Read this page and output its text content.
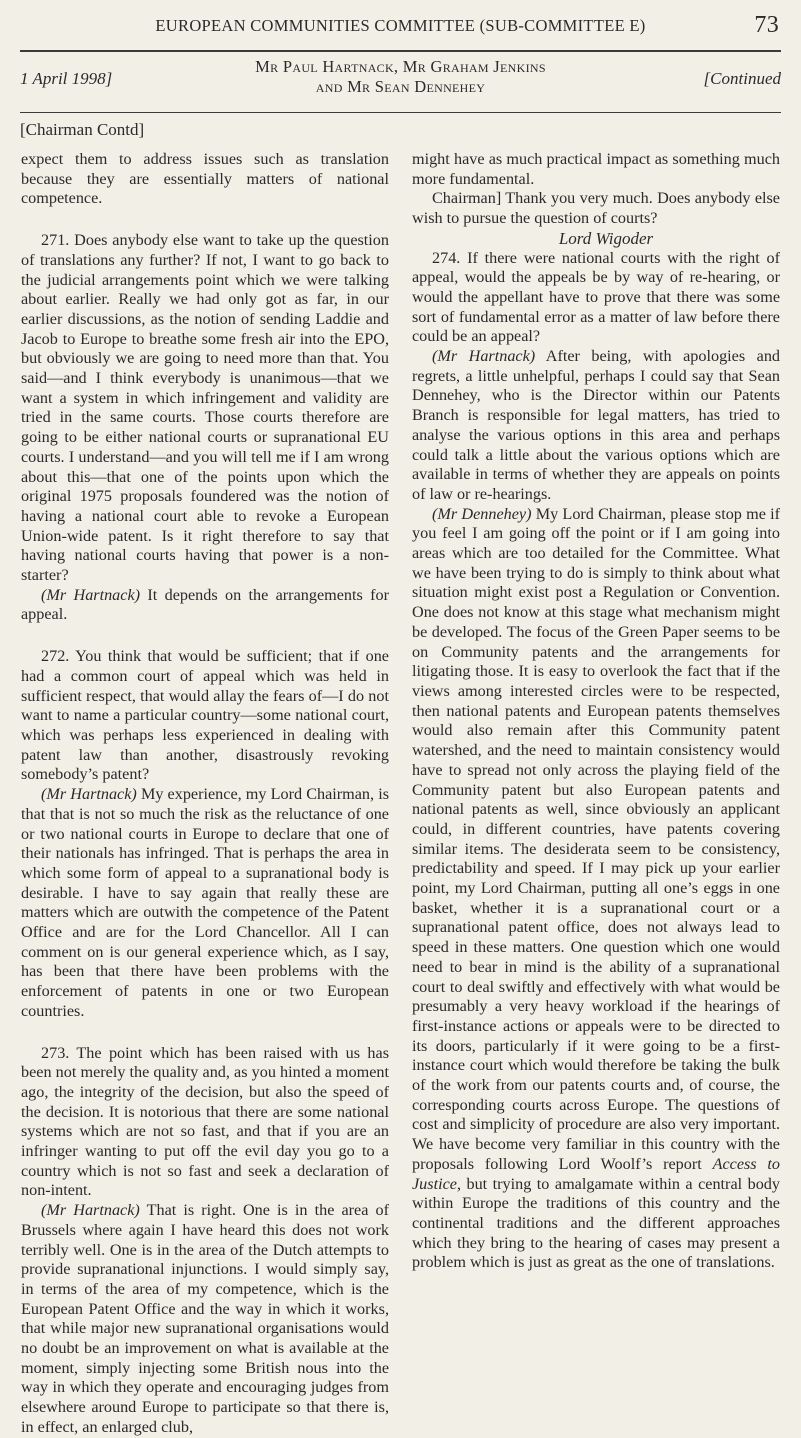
EUROPEAN COMMUNITIES COMMITTEE (SUB-COMMITTEE E)	73
1 April 1998]
Mr Paul Hartnack, Mr Graham Jenkins
and Mr Sean Dennehey	[Continued
[Chairman Contd]

expect them to address issues such as translation because they are essentially matters of national competence.

271. Does anybody else want to take up the question of translations any further? If not, I want to go back to the judicial arrangements point which we were talking about earlier. Really we had only got as far, in our earlier discussions, as the notion of sending Laddie and Jacob to Europe to breathe some fresh air into the EPO, but obviously we are going to need more than that. You said—and I think everybody is unanimous—that we want a system in which infringement and validity are tried in the same courts. Those courts therefore are going to be either national courts or supranational EU courts. I understand—and you will tell me if I am wrong about this—that one of the points upon which the original 1975 proposals foundered was the notion of having a national court able to revoke a European Union-wide patent. Is it right therefore to say that having national courts having that power is a non-starter?

(Mr Hartnack) It depends on the arrangements for appeal.

272. You think that would be sufficient; that if one had a common court of appeal which was held in sufficient respect, that would allay the fears of—I do not want to name a particular country—some national court, which was perhaps less experienced in dealing with patent law than another, disastrously revoking somebody’s patent?

(Mr Hartnack) My experience, my Lord Chairman, is that that is not so much the risk as the reluctance of one or two national courts in Europe to declare that one of their nationals has infringed. That is perhaps the area in which some form of appeal to a supranational body is desirable. I have to say again that really these are matters which are outwith the competence of the Patent Office and are for the Lord Chancellor. All I can comment on is our general experience which, as I say, has been that there have been problems with the enforcement of patents in one or two European countries.

273. The point which has been raised with us has been not merely the quality and, as you hinted a moment ago, the integrity of the decision, but also the speed of the decision. It is notorious that there are some national systems which are not so fast, and that if you are an infringer wanting to put off the evil day you go to a country which is not so fast and seek a declaration of non-intent.

(Mr Hartnack) That is right. One is in the area of Brussels where again I have heard this does not work terribly well. One is in the area of the Dutch attempts to provide supranational injunctions. I would simply say, in terms of the area of my competence, which is the European Patent Office and the way in which it works, that while major new supranational organisations would no doubt be an improvement on what is available at the moment, simply injecting some British nous into the way in which they operate and encouraging judges from elsewhere around Europe to participate so that there is, in effect, an enlarged club,

might have as much practical impact as something much more fundamental.

Chairman] Thank you very much. Does anybody else wish to pursue the question of courts?

Lord Wigoder

274. If there were national courts with the right of appeal, would the appeals be by way of re-hearing, or would the appellant have to prove that there was some sort of fundamental error as a matter of law before there could be an appeal?

(Mr Hartnack) After being, with apologies and regrets, a little unhelpful, perhaps I could say that Sean Dennehey, who is the Director within our Patents Branch is responsible for legal matters, has tried to analyse the various options in this area and perhaps could talk a little about the various options which are available in terms of whether they are appeals on points of law or re-hearings.

(Mr Dennehey) My Lord Chairman, please stop me if you feel I am going off the point or if I am going into areas which are too detailed for the Committee. What we have been trying to do is simply to think about what situation might exist post a Regulation or Convention. One does not know at this stage what mechanism might be developed. The focus of the Green Paper seems to be on Community patents and the arrangements for litigating those. It is easy to overlook the fact that if the views among interested circles were to be respected, then national patents and European patents themselves would also remain after this Community patent watershed, and the need to maintain consistency would have to spread not only across the playing field of the Community patent but also European patents and national patents as well, since obviously an applicant could, in different countries, have patents covering similar items. The desiderata seem to be consistency, predictability and speed. If I may pick up your earlier point, my Lord Chairman, putting all one’s eggs in one basket, whether it is a supranational court or a supranational patent office, does not always lead to speed in these matters. One question which one would need to bear in mind is the ability of a supranational court to deal swiftly and effectively with what would be presumably a very heavy workload if the hearings of first-instance actions or appeals were to be directed to its doors, particularly if it were going to be a first-instance court which would therefore be taking the bulk of the work from our patents courts and, of course, the corresponding courts across Europe. The questions of cost and simplicity of procedure are also very important. We have become very familiar in this country with the proposals following Lord Woolf’s report Access to Justice, but trying to amalgamate within a central body within Europe the traditions of this country and the continental traditions and the different approaches which they bring to the hearing of cases may present a problem which is just as great as the one of translations.
